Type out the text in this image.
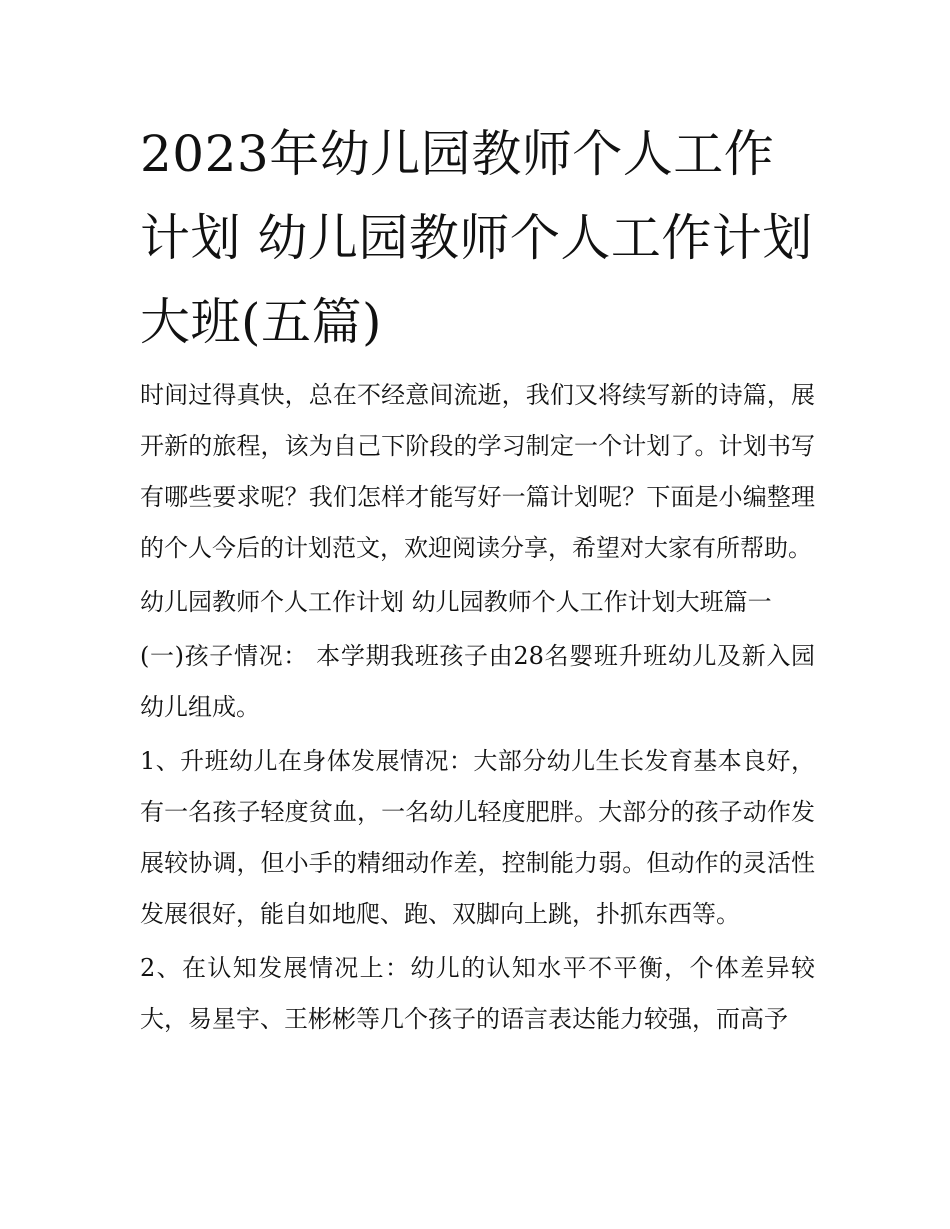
2023年幼儿园教师个人工作计划 幼儿园教师个人工作计划大班(五篇)

时间过得真快，总在不经意间流逝，我们又将续写新的诗篇，展开新的旅程，该为自己下阶段的学习制定一个计划了。计划书写有哪些要求呢？我们怎样才能写好一篇计划呢？下面是小编整理的个人今后的计划范文，欢迎阅读分享，希望对大家有所帮助。

幼儿园教师个人工作计划 幼儿园教师个人工作计划大班篇一

(一)孩子情况： 本学期我班孩子由28名婴班升班幼儿及新入园幼儿组成。

1、升班幼儿在身体发展情况：大部分幼儿生长发育基本良好，有一名孩子轻度贫血，一名幼儿轻度肥胖。大部分的孩子动作发展较协调，但小手的精细动作差，控制能力弱。但动作的灵活性发展很好，能自如地爬、跑、双脚向上跳，扑抓东西等。

2、在认知发展情况上：幼儿的认知水平不平衡，个体差异较大，易星宇、王彬彬等几个孩子的语言表达能力较强，而高予
